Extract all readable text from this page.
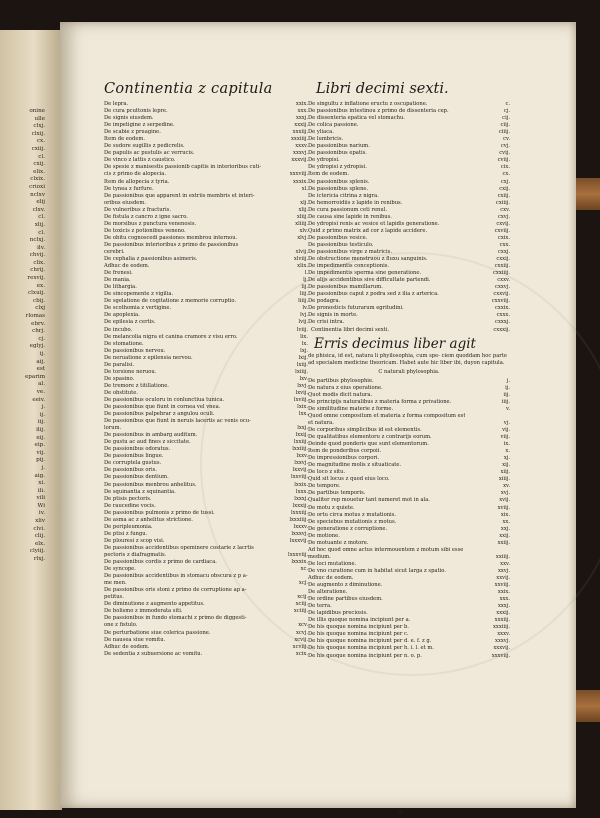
onine
ulle
clxj.
clxij.
cx.
cxiij.
cl.
cxij.
elix.
clxix.
crioxi
nclxv
elij
clxv.
cl.
xlij.
cl.
nclxj.
ilv.
chvij.
clix.
chrij.
rexvij.
ex.
clxuij.
cbij.
clxj
rlomas
ebrv.
chrj.
cj.
eglyj.
ij.
aij.
est
eparim
al.
ve.
eeiv.
j.
ij.
iij.
ilij.
eij.
eip.
vij.
pij.
j.
aig.
xi.
ili.
vili
Wi
iv.
xliv
clvi.
clij.
elx.
clyiij.
rlxj.
Continentia z capitula
De lepra.	xxix.
De cura pcuttonis lepre.	xxx.
De signis eiusdem.	xxxj.
De impetigine z serpedine.	xxxij.
De scabie z pruagine.	xxxiij.
Item de eodem.	xxxiiij.
De sudore sugillis z pedicrelis.	xxxv.
De papulis ac pustulis ac verrucis.	xxxvj.
De vinco z lattis z caustico.	xxxvij.
De spesie z manisestis passionib capitis in interioribus cuti-
cis z primo de alopecia.	xxxviij.
Item de allopecia z tyria.	xxxix.
De tynea z furfure.	xl.
De passionibus que apparent in extriis membris et interi-
oribus eiusdem.	xlj.
De vulneribus z fracturis.	xlij.
De fistula z cancro z igne sacro.	xliij.
De morsibus z punctura venenosis.	xliiij.
De toxicis z potionibus veneno.	xlv.
De obitu cognoscedi passiones membrou internou.	xlvj.
De passionibus interioribus z primo de passionibus
cerebri.	xlvij.
De cephalia z passionibus asimeris.	xlviij.
Adhuc de eodem.	xlix.
De frenesi.	l.
De mania.	lj.
De lithargia.	lij.
De sincopemente z vigilia.	liij.
De sgelatione de cogitatione z memorie corruptio.	liiij.
De scothomia z vertigine.	lv.
De apoplexia.	lvj.
De epilesia z certis.	lvij.
De incubo.	lviij.
De melancolia nigra et canina cramore z visu erro.	lix.
De stomatione.	lx.
De passionibus nervou.	lxj.
De neruatione z epilensia nervou.	lxij.
De paralisi.	lxiij.
De torsione neruou.	lxiiij.
De spasino.	lxv.
De tremore z titillatione.	lxvj.
De obstitute.	lxvij.
De passionibus oculoru in conlunctiua tunica.	lxviij.
De passionibus que fiunt in cornea vel vnea.	lxix.
De passionibus palpebrar z angulou oculi.	lxx.
De passionibus que fiunt in neruis lacertis ac venis ocu-
lorum.	lxxj.
De passionibus in ambarg auditum.	lxxij.
De gustu ac aud fines z siccitate.	lxxiij.
De passionibus odoratus.	lxxiiij.
De passionibus lingue.	lxxv.
De corruptela gustus.	lxxvj.
De passionibus oris.	lxxvij.
De passionibus dentium.	lxxviij.
De passionibus menbrou anhelitus.	lxxix.
De squinantia z squinantia.	lxxx.
De ptisis pectoris.	lxxxj.
De raucedine vocis.	lxxxij.
De passionibus pulmonis z primo de tussi.	lxxxiij.
De asma ac z anhelitus strictione.	lxxxiiij.
De peripleumonia.	lxxxv.
De ptisi z fungu.	lxxxvj.
De plouresi z scop visi.	lxxxvij.
De passionibus accidentibus opeminere costarie z lacrtis
pectoris z diafragmatis.	lxxxviij.
De passionibus cordis z primo de cardiaca.	lxxxix.
De syncope.	xc.
De passionibus accidentibus in stomacu obscura z p a-
me men.	xcj.
De passionibus oris stoni z primo de corruptione ap a-
petitus.	xcij.
De diminutione z augmento appetitus.	xciij.
De bolismo z immoderata siti.	xciiij.
De passionibus in fundo stomachi z primo de diggesti-
one z fistulo.	xcv.
De perturbatione siue colerica passione.	xcvj.
De nausea siue vomitu.	xcvij.
Adhuc de eodem.	xcviij.
De sedentia z subuersione ac vomitu.	xcix.
Libri decimi sexti.
De singultu z inflatione eructu z oscupatione.	c.
De passionibus intestinou z primo de dissenteria cep.	cj.
De dissenteria epatica vel stomachu.	cij.
De colica passione.	ciij.
De yliaca.	ciiij.
De lumbricis.	cv.
De passionibus narium.	cvj.
De passionibus epatis.	cvij.
De ydropisi.	cviij.
De ydropisi z ydropisi.	cix.
Item de eodem.	cx.
De passionibus splenis.	cxj.
De passionibus splene.	cxij.
De ictericia citrina z nigra.	cxiij.
De hemorroidiis z lapide in renibus.	cxiiij.
De cura passionum ceti renul.	cxv.
De causa sine lapide in renibus.	cxvj.
De ydropisi renis ac vesice et lapidis generatione.	cxvij.
Quid z primo matrix ad cor z lapide accidere.	cxviij.
De passionibus vesice.	cxix.
De passionibus testiculo.	cxx.
De passionibus virge z matricis.	cxxj.
De obstructione menstruou z fluxu sanguinis.	cxxij.
De impedimentis conceptionis.	cxxiij.
De impedimentis sperma sine generatione.	cxxiiij.
De alijs accidentibus sive difficultate partendi.	cxxv.
De passionibus mamillarum.	cxxvj.
De passionibus caput z podra sed z ilia z arterica.	cxxvij.
De podagra.	cxxviij.
De pronosticis futurarum egritudini.	cxxix.
De signis in morte.	cxxx.
De crisi intra.	cxxxj.
Continentia libri decimi sexti.	cxxxij.
Erris decimus liber agit
de phisica, id est, natura li phyilosophia, cum spe- ciem quoddam hoc parte ad specialem medicine theoricam. Habet aute hic liber ibi, duyon capitula.
C naturali phylosophia.
De partibus phylosophie.	j.
De natura z eius operatione.	ij.
Quot modis dicit natura.	iij.
De principijs naturalibus z materia forma z privatione.	iiij.
De similitudine materie z forme.	v.
Quod omne compositum et materia z forma compositum est
et natura.	vj.
De corporibus simplicibus id est elementis.	vij.
De qualitatibus elementoru z contrarijs eorum.	viij.
Deinde quod ponderis que sunt elementorum.	ix.
Item de ponderibus corpoii.	x.
De impressionibus corpori.	xj.
De magnitudine molis z situaticate.	xij.
De loco z situ.	xiij.
Quid sit locus z quod eius loco.	xiiij.
De tempore.	xv.
De partibus temporis.	xvj.
Qualiter rep mouetur tant numeret mot in ala.	xvij.
De motu z quiete.	xviij.
De ortu circa motus z mutationis.	xix.
De speciebus mutationis z motus.	xx.
De generatione z corruptione.	xxj.
De motione.	xxij.
De motuante z motore.	xxiij.
Ad hoc quod omne actus intermouentem z motum sibi esse
medium.	xxiiij.
De loci mutatione.	xxv.
De vno curatione cum in habitat sicut larga z spatio.	xxvj.
Adhuc de eodem.	xxvij.
De augmento z diminutione.	xxviij.
De alteratione.	xxix.
De ordine partibus eiusdem.	xxx.
De terra.	xxxj.
De lapidibus preciosis.	xxxij.
De illis quoque nomina incipiunt per a.	xxxiij.
De his quoque nomina incipiunt per b.	xxxiiij.
De his quoque nomina incipiunt per c.	xxxv.
De his quoque nomina incipiunt per d. e. f. z g.	xxxvj.
De his quoque nomina incipiunt per h. i. l. et m.	xxxvij.
De his quoque nomina incipiunt per n. o. p.	xxxviij.
a
